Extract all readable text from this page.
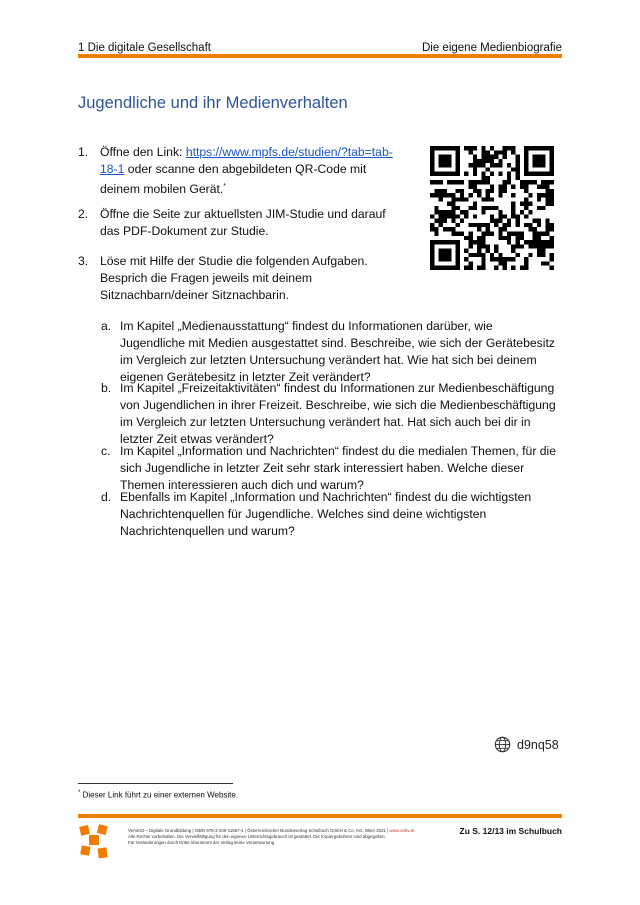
1 Die digitale Gesellschaft	Die eigene Medienbiografie
Jugendliche und ihr Medienverhalten
1. Öffne den Link: https://www.mpfs.de/studien/?tab=tab-18-1 oder scanne den abgebildeten QR-Code mit deinem mobilen Gerät.*
2. Öffne die Seite zur aktuellsten JIM-Studie und darauf das PDF-Dokument zur Studie.
3. Löse mit Hilfe der Studie die folgenden Aufgaben. Besprich die Fragen jeweils mit deinem Sitznachbarn/deiner Sitznachbarin.
a. Im Kapitel „Medienausstattung“ findest du Informationen darüber, wie Jugendliche mit Medien ausgestattet sind. Beschreibe, wie sich der Gerätebesitz im Vergleich zur letzten Untersuchung verändert hat. Wie hat sich bei deinem eigenen Gerätebesitz in letzter Zeit verändert?
b. Im Kapitel „Freizeitaktivitäten“ findest du Informationen zur Medienbeschäftigung von Jugendlichen in ihrer Freizeit. Beschreibe, wie sich die Medienbeschäftigung im Vergleich zur letzten Untersuchung verändert hat. Hat sich auch bei dir in letzter Zeit etwas verändert?
c. Im Kapitel „Information und Nachrichten“ findest du die medialen Themen, für die sich Jugendliche in letzter Zeit sehr stark interessiert haben. Welche dieser Themen interessieren auch dich und warum?
d. Ebenfalls im Kapitel „Information und Nachrichten“ findest du die wichtigsten Nachrichtenquellen für Jugendliche. Welches sind deine wichtigsten Nachrichtenquellen und warum?
d9nq58
* Dieser Link führt zu einer externen Website.
Vernetzt – Digitale Grundbildung | ISBN 978-3-209-11567-4 | Österreichischer Bundesverlag Schulbuch GmbH & Co. KG, Wien 2021 | www.oebv.at
Alle Rechte vorbehalten. Die Vervielfältigung für den eigenen Unterrichtsgebrauch ist gestattet. Die Kopiergebühren sind abgegolten.
Für Veränderungen durch Dritte übernimmt der Verlag keine Verantwortung.
Zu S. 12/13 im Schulbuch
